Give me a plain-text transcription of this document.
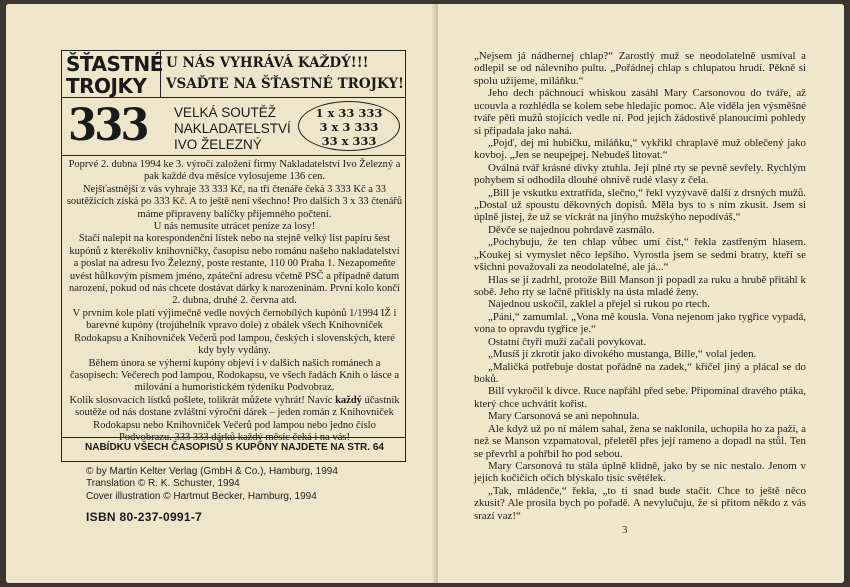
ŠŤASTNÉ
TROJKY
U NÁS VYHRÁVÁ KAŽDÝ!!!
VSAĎTE NA ŠŤASTNÉ TROJKY!
333 VELKÁ SOUTĚŽ
NAKLADATELSTVÍ
IVO ŽELEZNÝ
1 x 33 333
3 x 3 333
33 x 333

Poprvé 2. dubna 1994 ke 3. výročí založení firmy Nakladatelství Ivo Železný a pak každé dva měsíce vylosujeme 136 cen.

Nejšťastnější z vás vyhraje 33 333 Kč, na tři čtenáře čeká 3 333 Kč a 33 soutěžících získá po 333 Kč. A to ještě není všechno! Pro dalších 3 x 33 čtenářů máme připraveny balíčky příjemného počtení.

U nás nemusíte utrácet peníze za losy!

Stačí nalepit na korespondenční lístek nebo na stejně velký list papíru šest kupónů z kterékoliv knihovničky, časopisu nebo románu našeho nakladatelství a poslat na adresu Ivo Železný, poste restante, 110 00 Praha 1. Nezapomeňte uvést hůlkovým písmem jméno, zpáteční adresu včetně PSČ a případně datum narození, pokud od nás chcete dostávat dárky k narozeninám. První kolo končí 2. dubna, druhé 2. června atd.

V prvním kole platí výjimečně vedle nových černobílých kupónů 1/1994 IŽ i barevné kupóny (trojúhelník vpravo dole) z obálek všech Knihovniček Rodokapsu a Knihovniček Večerů pod lampou, českých i slovenských, které kdy byly vydány.

Během února se výherní kupóny objeví i v dalších našich románech a časopisech: Večerech pod lampou, Rodokapsu, ve všech řadách Knih o lásce a milování a humoristickém týdeníku Podvobraz.

Kolik slosovacích lístků pošlete, tolikrát můžete vyhrát! Navíc každý účastník soutěže od nás dostane zvláštní výroční dárek – jeden román z Knihovniček Rodokapsu nebo Knihovniček Večerů pod lampou nebo jedno číslo Podvobrazu. 333 333 dárků každý měsíc čeká i na vás!

NABÍDKU VŠECH ČASOPISŮ S KUPÓNY NAJDETE NA STR. 64
© by Martin Kelter Verlag (GmbH & Co.), Hamburg, 1994
Translation © R. K. Schuster, 1994
Cover illustration © Hartmut Becker, Hamburg, 1994
ISBN 80-237-0991-7

„Nejsem já nádhernej chlap?“ Zarostlý muž se neodolatelně usmíval a odlepil se od nálevního pultu. „Pořádnej chlap s chlupatou hrudí. Pěkně si spolu užijeme, miláňku.“

Jeho dech páchnoucí whiskou zasáhl Mary Carsonovou do tváře, až ucouvla a rozhlédla se kolem sebe hledajíc pomoc. Ale viděla jen výsměšné tváře pěti mužů stojících vedle ní. Pod jejich žádostivě planoucími pohledy si připadala jako nahá.

„Pojď, dej mi hubičku, miláňku,“ vykřikl chraplavě muž oblečený jako kovboj. „Jen se neupejpej. Nebudeš litovat.“

Oválná tvář krásné dívky ztuhla. Její plné rty se pevně sevřely. Rychlým pohybem si odhodila dlouhé ohnivě rudé vlasy z čela.

„Bill je vskutku extratřída, slečno,“ řekl vyzývavě další z drsných mužů. „Dostal už spoustu děkovných dopisů. Měla bys to s ním zkusit. Jsem si úplně jistej, že už se víckrát na jinýho mužskýho nepodíváš.“

Děvče se najednou pohrdavě zasmálo.

„Pochybuju, že ten chlap vůbec umí číst,“ řekla zastřeným hlasem. „Koukej si vymyslet něco lepšího. Vyrostla jsem se sedmi bratry, kteří se všichni považovali za neodolatelné, ale já...“

Hlas se jí zadrhl, protože Bill Manson ji popadl za ruku a hrubě přitáhl k sobě. Jeho rty se lačně přitiskly na ústa mladé ženy.

Najednou uskočil, zaklel a přejel si rukou po rtech.

„Páni,“ zamumlal. „Vona mě kousla. Vona nejenom jako tygřice vypadá, vona to opravdu tygřice je.“

Ostatní čtyři muži začali povykovat.

„Musíš jí zkrotit jako divokého mustanga, Bille,“ volal jeden.

„Maličká potřebuje dostat pořádně na zadek,“ křičel jiný a plácal se do boků.

Bill vykročil k dívce. Ruce napřáhl před sebe. Připomínal dravého ptáka, který chce uchvátit kořist.

Mary Carsonová se ani nepohnula.

Ale když už po ní málem sahal, žena se naklonila, uchopila ho za paži, a než se Manson vzpamatoval, přeletěl přes její rameno a dopadl na stůl. Ten se převrhl a pohřbil ho pod sebou.

Mary Carsonová tu stála úplně klidně, jako by se nic nestalo. Jenom v jejích kočičích očích blýskalo tisíc světélek.

„Tak, mládenče,“ řekla, „to ti snad bude stačit. Chce to ještě něco zkusit? Ale prosila bych po pořadě. A nevylučuju, že si přitom někdo z vás srazí vaz!“

3
